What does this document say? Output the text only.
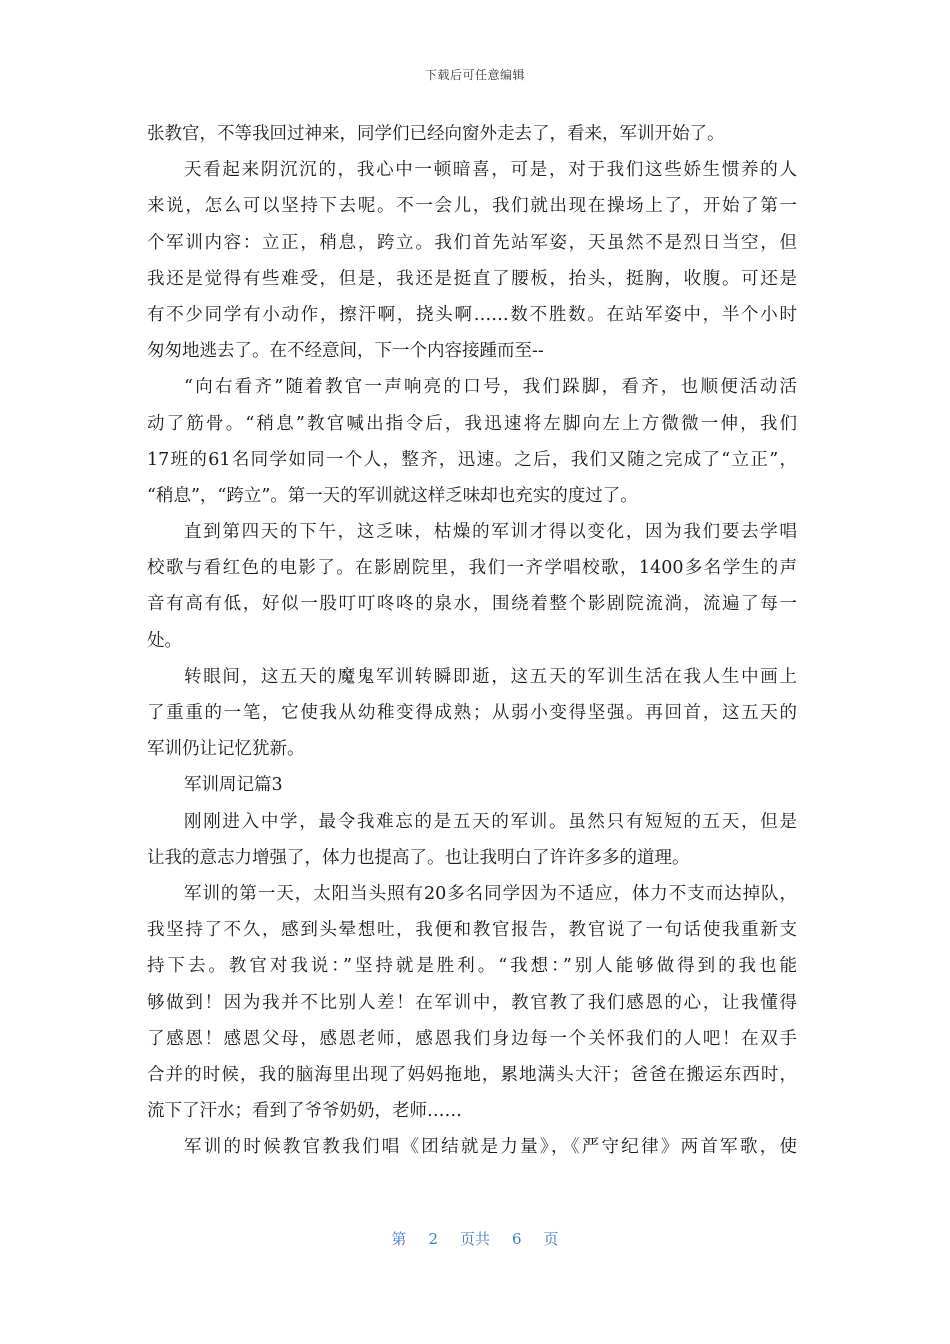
下载后可任意编辑
张教官，不等我回过神来，同学们已经向窗外走去了，看来，军训开始了。
天看起来阴沉沉的，我心中一顿暗喜，可是，对于我们这些娇生惯养的人
来说，怎么可以坚持下去呢。不一会儿，我们就出现在操场上了，开始了第一
个军训内容：立正，稍息，跨立。我们首先站军姿，天虽然不是烈日当空，但
我还是觉得有些难受，但是，我还是挺直了腰板，抬头，挺胸，收腹。可还是
有不少同学有小动作，擦汗啊，挠头啊……数不胜数。在站军姿中，半个小时
匆匆地逃去了。在不经意间，下一个内容接踵而至--
“向右看齐”随着教官一声响亮的口号，我们跺脚，看齐，也顺便活动活
动了筋骨。“稍息”教官喊出指令后，我迅速将左脚向左上方微微一伸，我们
17班的61名同学如同一个人，整齐，迅速。之后，我们又随之完成了“立正”，
“稍息”，“跨立”。第一天的军训就这样乏味却也充实的度过了。
直到第四天的下午，这乏味，枯燥的军训才得以变化，因为我们要去学唱
校歌与看红色的电影了。在影剧院里，我们一齐学唱校歌，1400多名学生的声
音有高有低，好似一股叮叮咚咚的泉水，围绕着整个影剧院流淌，流遍了每一
处。
转眼间，这五天的魔鬼军训转瞬即逝，这五天的军训生活在我人生中画上
了重重的一笔，它使我从幼稚变得成熟；从弱小变得坚强。再回首，这五天的
军训仍让记忆犹新。
军训周记篇3
刚刚进入中学，最令我难忘的是五天的军训。虽然只有短短的五天，但是
让我的意志力增强了，体力也提高了。也让我明白了许许多多的道理。
军训的第一天，太阳当头照有20多名同学因为不适应，体力不支而达掉队，
我坚持了不久，感到头晕想吐，我便和教官报告，教官说了一句话使我重新支
持下去。教官对我说：”坚持就是胜利。“我想：”别人能够做得到的我也能
够做到！因为我并不比别人差！在军训中，教官教了我们感恩的心，让我懂得
了感恩！感恩父母，感恩老师，感恩我们身边每一个关怀我们的人吧！在双手
合并的时候，我的脑海里出现了妈妈拖地，累地满头大汗；爸爸在搬运东西时，
流下了汗水；看到了爷爷奶奶，老师……
军训的时候教官教我们唱《团结就是力量》，《严守纪律》两首军歌，使
第 2 页共 6 页
